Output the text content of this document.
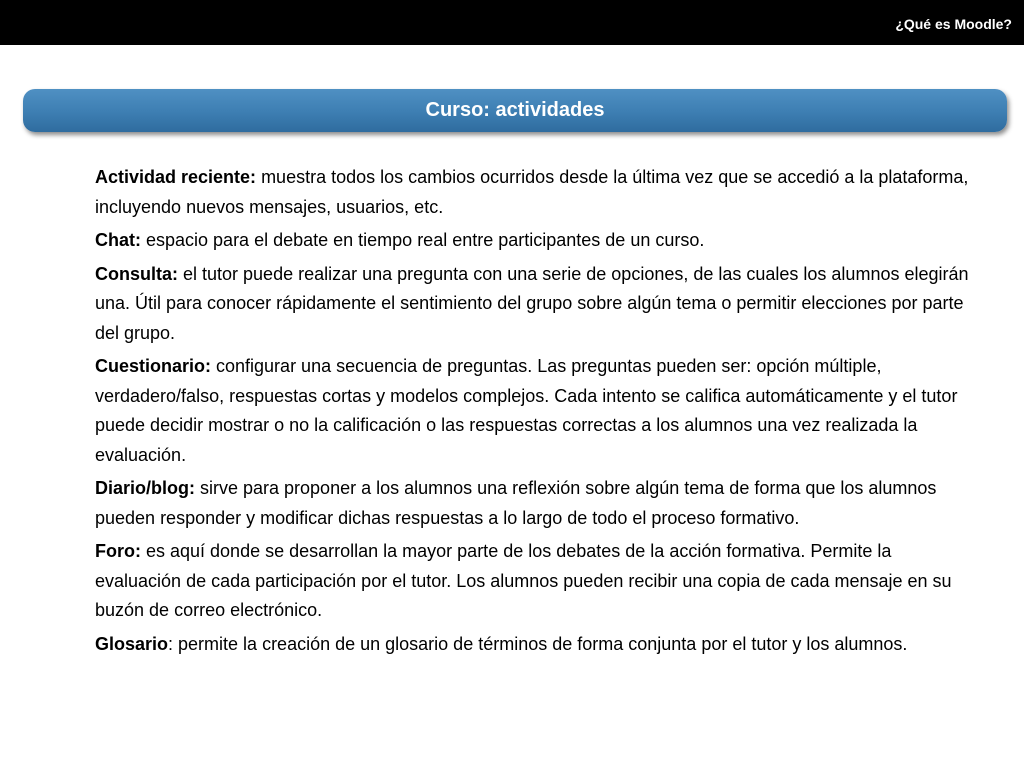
¿Qué es Moodle?
Curso: actividades

Actividad reciente: muestra todos los cambios ocurridos desde la última vez que se accedió a la plataforma, incluyendo nuevos mensajes, usuarios, etc.

Chat: espacio para el debate en tiempo real entre participantes de un curso.

Consulta: el tutor puede realizar una pregunta con una serie de opciones, de las cuales los alumnos elegirán una. Útil para conocer rápidamente el sentimiento del grupo sobre algún tema o permitir elecciones por parte del grupo.

Cuestionario: configurar una secuencia de preguntas. Las preguntas pueden ser: opción múltiple, verdadero/falso, respuestas cortas y modelos complejos. Cada intento se califica automáticamente y el tutor puede decidir mostrar o no la calificación o las respuestas correctas a los alumnos una vez realizada la evaluación.

Diario/blog: sirve para proponer a los alumnos una reflexión sobre algún tema de forma que los alumnos pueden responder y modificar dichas respuestas a lo largo de todo el proceso formativo.

Foro: es aquí donde se desarrollan la mayor parte de los debates de la acción formativa. Permite la evaluación de cada participación por el tutor. Los alumnos pueden recibir una copia de cada mensaje en su buzón de correo electrónico.

Glosario: permite la creación de un glosario de términos de forma conjunta por el tutor y los alumnos.
